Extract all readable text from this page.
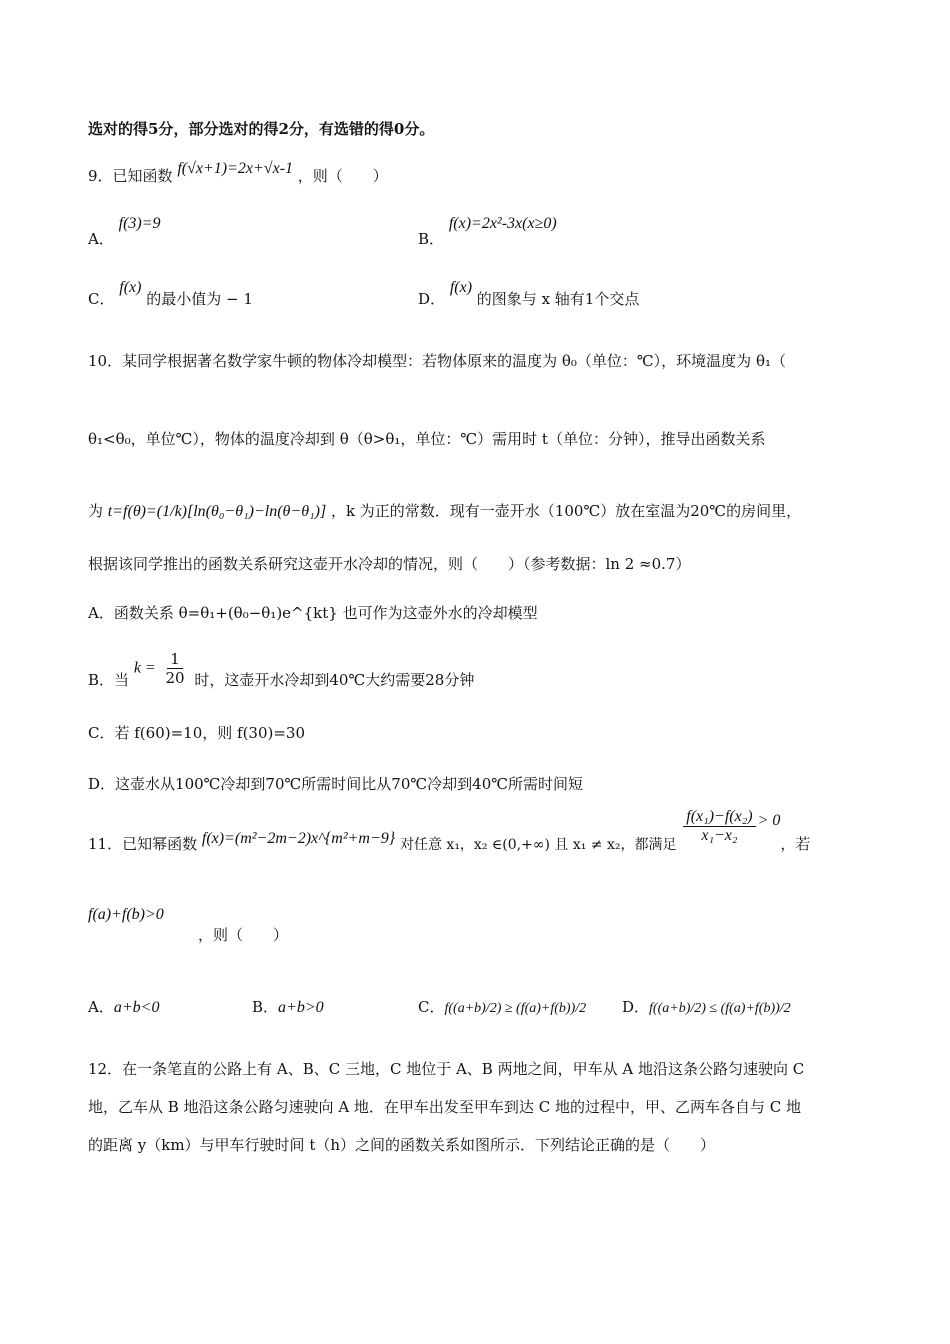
选对的得5分，部分选对的得2分，有选错的得0分。
9．已知函数 f(√x+1)=2x+√x-1 ，则（　　）
A． f(3)=9
B． f(x)=2x²-3x(x≥0)
C． f(x) 的最小值为 − 1	D． f(x) 的图象与 x 轴有1个交点
10．某同学根据著名数学家牛顿的物体冷却模型：若物体原来的温度为 θ₀（单位：℃），环境温度为 θ₁（
θ₁<θ₀，单位℃），物体的温度冷却到 θ（θ>θ₁，单位：℃）需用时 t（单位：分钟），推导出函数关系
为 t=f(θ)=(1/k)[ln(θ₀−θ₁)−ln(θ−θ₁)] ，k 为正的常数．现有一壶开水（100℃）放在室温为20℃的房间里，
根据该同学推出的函数关系研究这壶开水冷却的情况，则（　　）（参考数据：ln 2 ≈0.7）
A．函数关系 θ=θ₁+(θ₀−θ₁)e^{kt} 也可作为这壶外水的冷却模型
B．当 $k = \frac{1}{20}$ 时，这壶开水冷却到40℃大约需要28分钟
C．若 f(60)=10，则 f(30)=30
D．这壶水从100℃冷却到70℃所需时间比从70℃冷却到40℃所需时间短
11．已知幂函数 f(x)=(m²−2m−2)x^{m²+m−9} 对任意 x₁，x₂ ∈(0,+∞) 且 x₁ ≠ x₂，都满足 $\frac{\text{f(x₁)−f(x₂)}}{\text{x₁−x₂}} > 0$，若
f(a)+f(b)>0
，则（　　）
A．a+b<0	B．a+b>0	C．f((a+b)/2) ≥ (f(a)+f(b))/2 D．f((a+b)/2) ≤ (f(a)+f(b))/2
12．在一条笔直的公路上有 A、B、C 三地，C 地位于 A、B 两地之间，甲车从 A 地沿这条公路匀速驶向 C
地，乙车从 B 地沿这条公路匀速驶向 A 地．在甲车出发至甲车到达 C 地的过程中，甲、乙两车各自与 C 地
的距离 y（km）与甲车行驶时间 t（h）之间的函数关系如图所示．下列结论正确的是（　　）
